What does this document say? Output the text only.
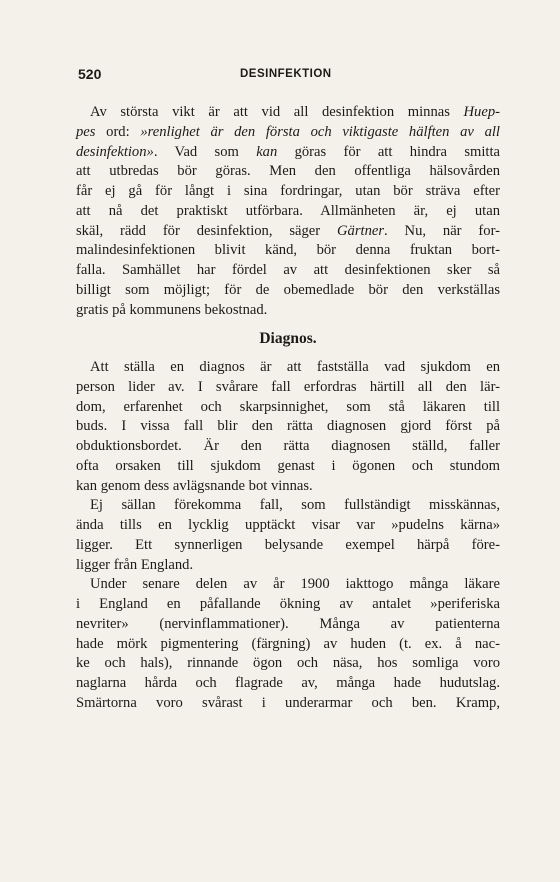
520	DESINFEKTION
Av största vikt är att vid all desinfektion minnas Huep-
pes ord: »renlighet är den första och viktigaste hälften av all
desinfektion». Vad som kan göras för att hindra smitta
att utbredas bör göras. Men den offentliga hälsovården
får ej gå för långt i sina fordringar, utan bör sträva efter
att nå det praktiskt utförbara. Allmänheten är, ej utan
skäl, rädd för desinfektion, säger Gärtner. Nu, när for-
malindesinfektionen blivit känd, bör denna fruktan bort-
falla. Samhället har fördel av att desinfektionen sker så
billigt som möjligt; för de obemedlade bör den verkställas
gratis på kommunens bekostnad.
Diagnos.
Att ställa en diagnos är att fastställa vad sjukdom en
person lider av. I svårare fall erfordras härtill all den lär-
dom, erfarenhet och skarpsinnighet, som stå läkaren till
buds. I vissa fall blir den rätta diagnosen gjord först på
obduktionsbordet. Är den rätta diagnosen ställd, faller
ofta orsaken till sjukdom genast i ögonen och stundom
kan genom dess avlägsnande bot vinnas.
Ej sällan förekomma fall, som fullständigt misskännas,
ända tills en lycklig upptäckt visar var »pudelns kärna»
ligger. Ett synnerligen belysande exempel härpå före-
ligger från England.
Under senare delen av år 1900 iakttogo många läkare
i England en påfallande ökning av antalet »periferiska
nevriter» (nervinflammationer). Många av patienterna
hade mörk pigmentering (färgning) av huden (t. ex. å nac-
ke och hals), rinnande ögon och näsa, hos somliga voro
naglarna hårda och flagrade av, många hade hudutslag.
Smärtorna voro svårast i underarmar och ben. Kramp,
